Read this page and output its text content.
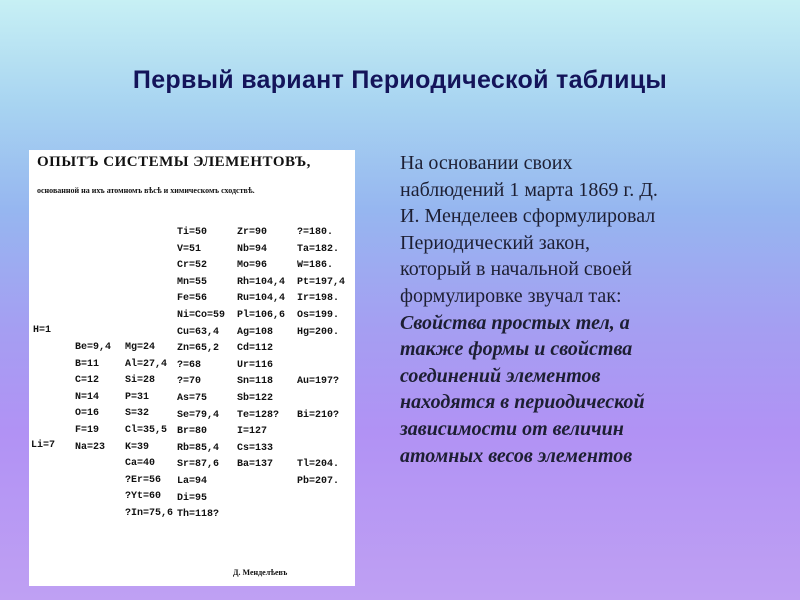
Первый вариант Периодической таблицы
ОПЫТЪ СИСТЕМЫ ЭЛЕМЕНТОВЪ,
основанной на ихъ атомномъ вѣсѣ и химическомъ сходствѣ.
H=1
Li=7
Be=9,4
B=11
C=12
N=14
O=16
F=19
Na=23
Mg=24
Al=27,4
Si=28
P=31
S=32
Cl=35,5
K=39
Ca=40
?Er=56
?Yt=60
?In=75,6
Ti=50
V=51
Cr=52
Mn=55
Fe=56
Ni=Co=59
Cu=63,4
Zn=65,2
?=68
?=70
As=75
Se=79,4
Br=80
Rb=85,4
Sr=87,6
La=94
Di=95
Th=118?
Zr=90
Nb=94
Mo=96
Rh=104,4
Ru=104,4
Pl=106,6
Ag=108
Cd=112
Ur=116
Sn=118
Sb=122
Te=128?
I=127
Cs=133
Ba=137
?=180.
Ta=182.
W=186.
Pt=197,4
Ir=198.
Os=199.
Hg=200.
Au=197?
Bi=210?
Tl=204.
Pb=207.
Д. Менделѣевъ
На основании своих
наблюдений 1 марта 1869 г. Д.
И. Менделеев сформулировал
Периодический закон,
который в начальной своей
формулировке звучал так:
Свойства простых тел, а
также формы и свойства
соединений элементов
находятся в периодической
зависимости от величин
атомных весов элементов
